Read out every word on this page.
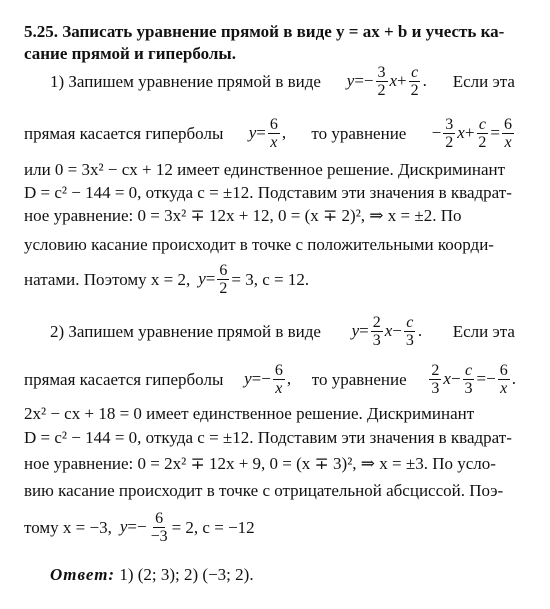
5.25. Записать уравнение прямой в виде y = ax + b и учесть ка-
сание прямой и гиперболы.
1) Запишем уравнение прямой в виде $y=- \frac{3}{2} x+ \frac{c}{2}$ . Если эта
прямая касается гиперболы $y= \frac{6}{x}$ , то уравнение − $\frac{3}{2} x+ \frac{c}{2} = \frac{6}{x}$
или 0 = 3x² − cx + 12 имеет единственное решение. Дискриминант
D = c² − 144 = 0, откуда c = ±12. Подставим эти значения в квадрат-
ное уравнение: 0 = 3x² ∓ 12x + 12, 0 = (x ∓ 2)², ⇒ x = ±2. По
условию касание происходит в точке с положительными коорди-
натами. Поэтому x = 2, $y= \frac{6}{2} = 3$, c = 12.
2) Запишем уравнение прямой в виде $y= \frac{2}{3} x- \frac{c}{3}$ . Если эта
прямая касается гиперболы $y=- \frac{6}{x}$ , то уравнение $\frac{2}{3} x- \frac{c}{3} =- \frac{6}{x}$ .
2x² − cx + 18 = 0 имеет единственное решение. Дискриминант
D = c² − 144 = 0, откуда c = ±12. Подставим эти значения в квадрат-
ное уравнение: 0 = 2x² ∓ 12x + 9, 0 = (x ∓ 3)², ⇒ x = ±3. По усло-
вию касание происходит в точке с отрицательной абсциссой. Поэ-
тому x = −3, $y=- \frac{6}{-3} = 2$, c = −12
Ответ: 1) (2; 3); 2) (−3; 2).
